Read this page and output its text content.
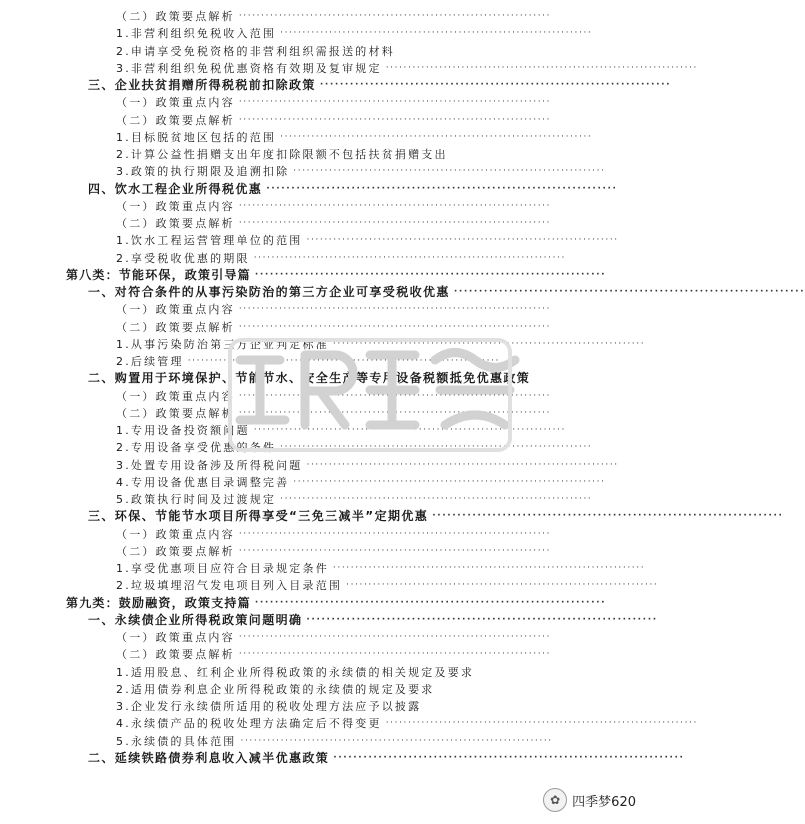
（二）政策要点解析 ······································································
1.非营利组织免税收入范围 ······································································
2.申请享受免税资格的非营利组织需报送的材料
3.非营利组织免税优惠资格有效期及复审规定 ······································································
三、企业扶贫捐赠所得税税前扣除政策 ······································································
（一）政策重点内容 ······································································
（二）政策要点解析 ······································································
1.目标脱贫地区包括的范围 ······································································
2.计算公益性捐赠支出年度扣除限额不包括扶贫捐赠支出
3.政策的执行期限及追溯扣除 ······································································
四、饮水工程企业所得税优惠 ······································································
（一）政策重点内容 ······································································
（二）政策要点解析 ······································································
1.饮水工程运营管理单位的范围 ······································································
2.享受税收优惠的期限 ······································································
第八类：节能环保，政策引导篇 ······································································
一、对符合条件的从事污染防治的第三方企业可享受税收优惠 ······································································
（一）政策重点内容 ······································································
（二）政策要点解析 ······································································
1.从事污染防治第三方企业判定标准 ······································································
2.后续管理 ······································································
二、购置用于环境保护、节能节水、安全生产等专用设备税额抵免优惠政策
（一）政策重点内容 ······································································
（二）政策要点解析 ······································································
1.专用设备投资额问题 ······································································
2.专用设备享受优惠的条件 ······································································
3.处置专用设备涉及所得税问题 ······································································
4.专用设备优惠目录调整完善 ······································································
5.政策执行时间及过渡规定 ······································································
三、环保、节能节水项目所得享受“三免三减半”定期优惠 ······································································
（一）政策重点内容 ······································································
（二）政策要点解析 ······································································
1.享受优惠项目应符合目录规定条件 ······································································
2.垃圾填埋沼气发电项目列入目录范围 ······································································
第九类：鼓励融资，政策支持篇 ······································································
一、永续债企业所得税政策问题明确 ······································································
（一）政策重点内容 ······································································
（二）政策要点解析 ······································································
1.适用股息、红利企业所得税政策的永续债的相关规定及要求
2.适用债券利息企业所得税政策的永续债的规定及要求
3.企业发行永续债所适用的税收处理方法应予以披露
4.永续债产品的税收处理方法确定后不得变更 ······································································
5.永续债的具体范围 ······································································
二、延续铁路债券利息收入减半优惠政策 ······································································
✿ 四季梦620
